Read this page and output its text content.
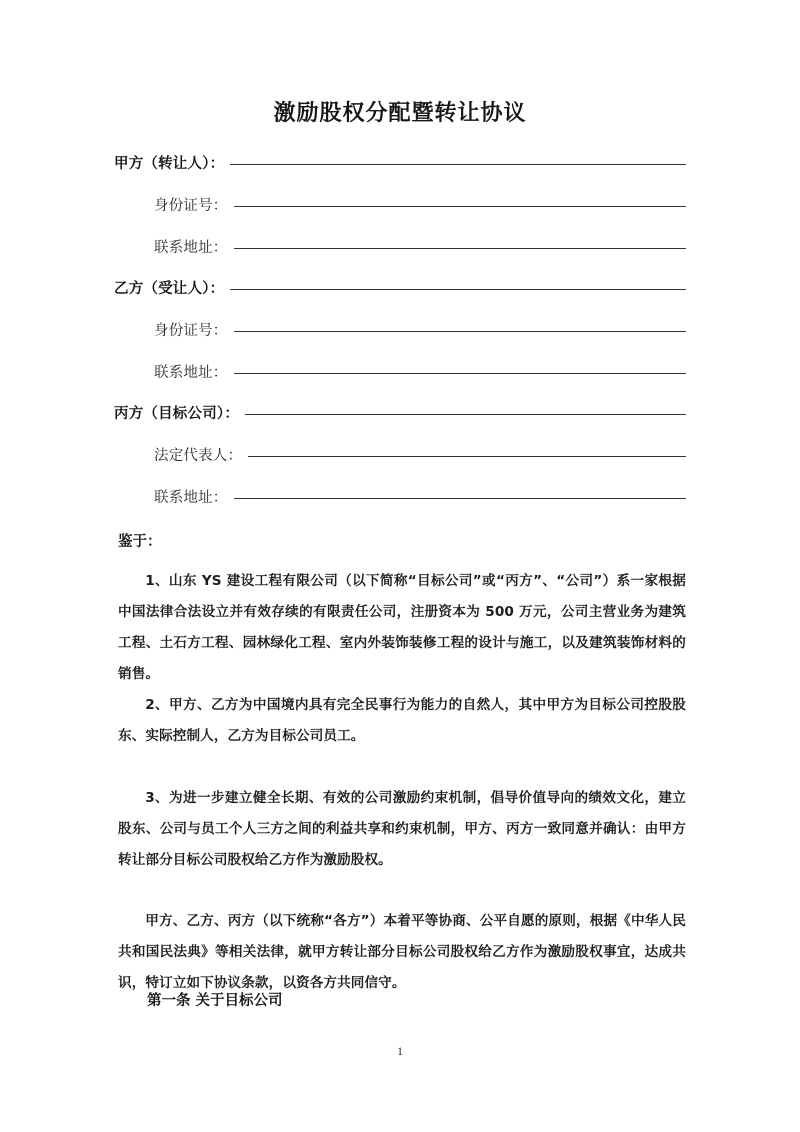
激励股权分配暨转让协议
甲方（转让人）：
身份证号：
联系地址：
乙方（受让人）：
身份证号：
联系地址：
丙方（目标公司）：
法定代表人：
联系地址：
鉴于：
1、山东 YS 建设工程有限公司（以下简称“目标公司”或“丙方”、“公司”）系一家根据中国法律合法设立并有效存续的有限责任公司，注册资本为 500 万元，公司主营业务为建筑工程、土石方工程、园林绿化工程、室内外装饰装修工程的设计与施工，以及建筑装饰材料的销售。
2、甲方、乙方为中国境内具有完全民事行为能力的自然人，其中甲方为目标公司控股股东、实际控制人，乙方为目标公司员工。
3、为进一步建立健全长期、有效的公司激励约束机制，倡导价值导向的绩效文化，建立股东、公司与员工个人三方之间的利益共享和约束机制，甲方、丙方一致同意并确认：由甲方转让部分目标公司股权给乙方作为激励股权。
甲方、乙方、丙方（以下统称“各方”）本着平等协商、公平自愿的原则，根据《中华人民共和国民法典》等相关法律，就甲方转让部分目标公司股权给乙方作为激励股权事宜，达成共识，特订立如下协议条款，以资各方共同信守。
第一条 关于目标公司
1
